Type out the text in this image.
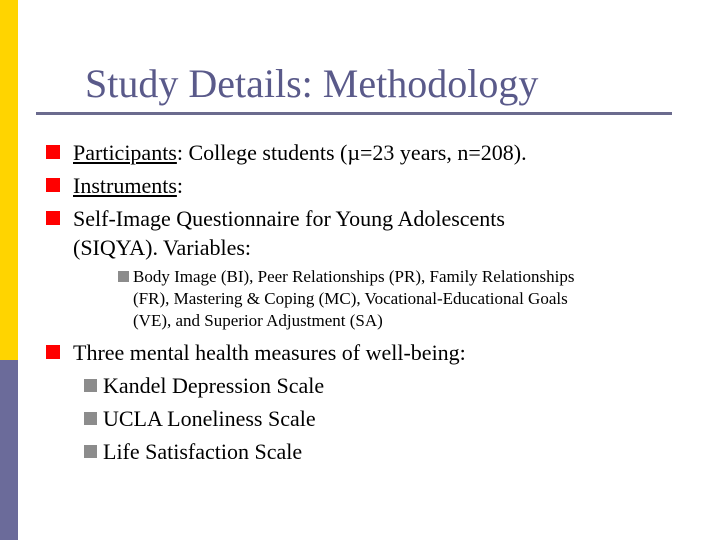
Study Details: Methodology
Participants: College students (µ=23 years, n=208).
Instruments:
Self-Image Questionnaire for Young Adolescents
(SIQYA). Variables:
Body Image (BI), Peer Relationships (PR), Family Relationships
(FR), Mastering & Coping (MC), Vocational-Educational Goals
(VE), and Superior Adjustment (SA)
Three mental health measures of well-being:
Kandel Depression Scale
UCLA Loneliness Scale
Life Satisfaction Scale
